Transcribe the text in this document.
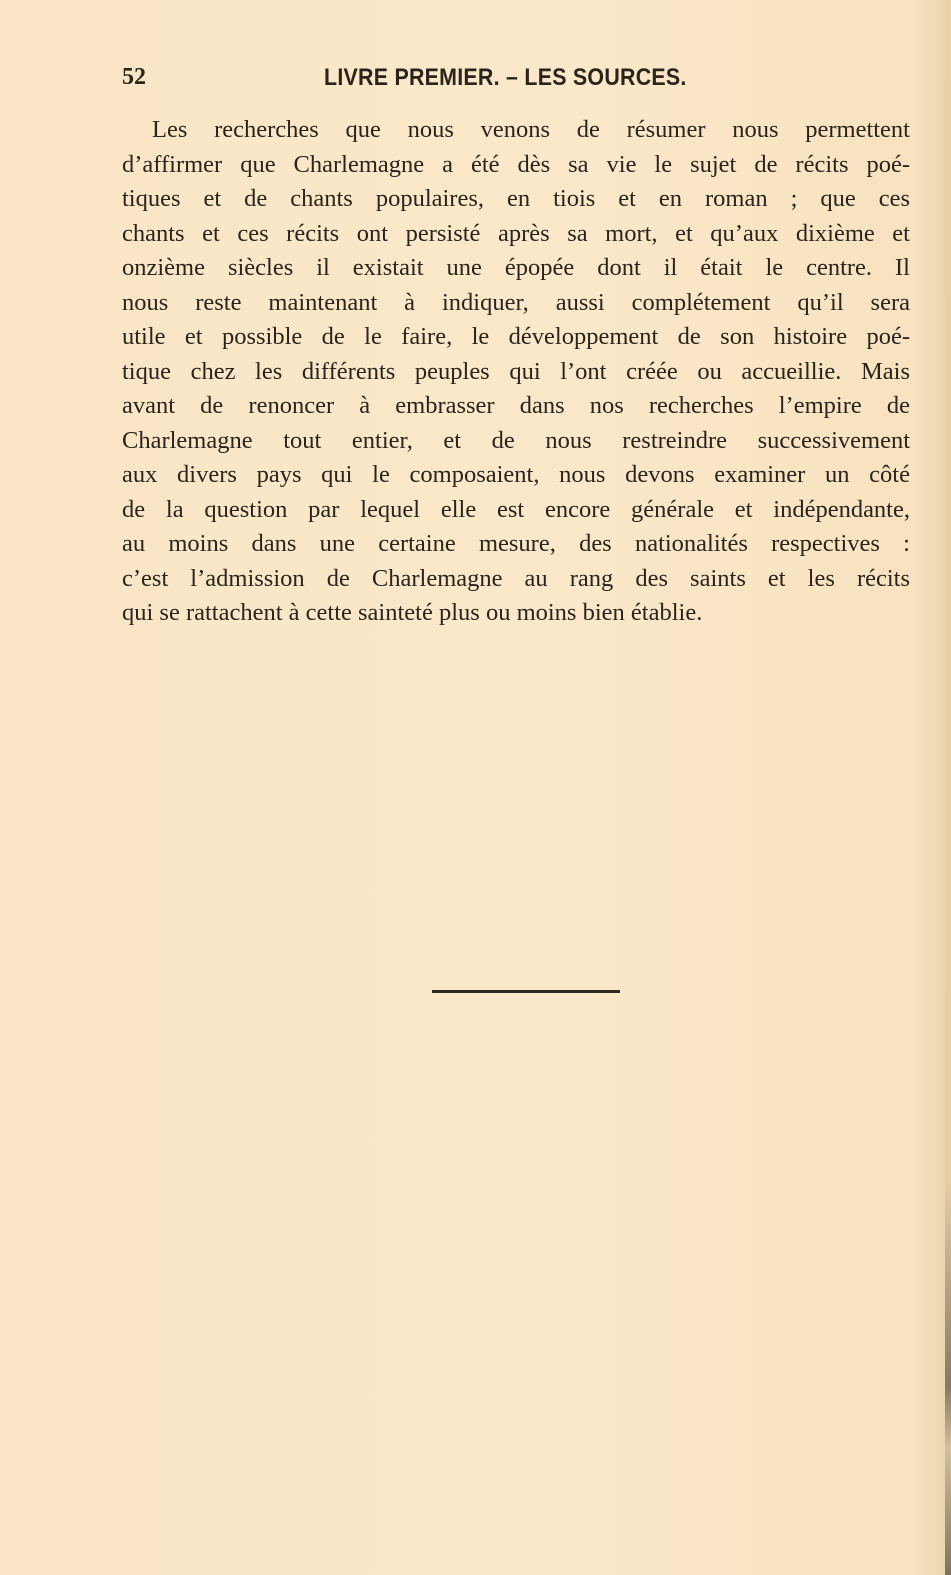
52	LIVRE PREMIER. – LES SOURCES.
Les recherches que nous venons de résumer nous permettent
d’affirmer que Charlemagne a été dès sa vie le sujet de récits poé-
tiques et de chants populaires, en tiois et en roman ; que ces
chants et ces récits ont persisté après sa mort, et qu’aux dixième et
onzième siècles il existait une épopée dont il était le centre. Il
nous reste maintenant à indiquer, aussi complétement qu’il sera
utile et possible de le faire, le développement de son histoire poé-
tique chez les différents peuples qui l’ont créée ou accueillie. Mais
avant de renoncer à embrasser dans nos recherches l’empire de
Charlemagne tout entier, et de nous restreindre successivement
aux divers pays qui le composaient, nous devons examiner un côté
de la question par lequel elle est encore générale et indépendante,
au moins dans une certaine mesure, des nationalités respectives :
c’est l’admission de Charlemagne au rang des saints et les récits
qui se rattachent à cette sainteté plus ou moins bien établie.
